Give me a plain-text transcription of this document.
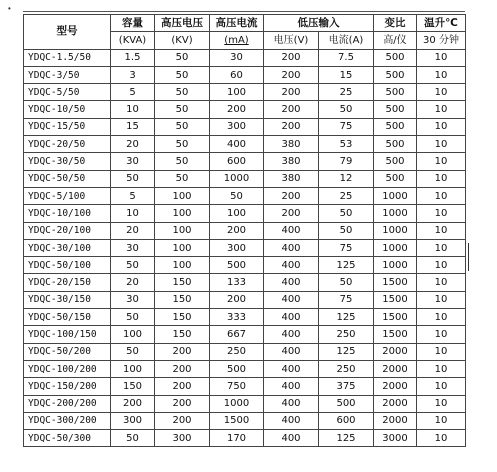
•
型号	容量	高压电压	高压电流	低压输入		变比	温升℃
	(KVA)	(KV)	(mA)	电压(V)	电流(A)	高/仪	30 分钟
YDQC-1.5/50	1.5	50	30	200	7.5	500	10
YDQC-3/50	3	50	60	200	15	500	10
YDQC-5/50	5	50	100	200	25	500	10
YDQC-10/50	10	50	200	200	50	500	10
YDQC-15/50	15	50	300	200	75	500	10
YDQC-20/50	20	50	400	380	53	500	10
YDQC-30/50	30	50	600	380	79	500	10
YDQC-50/50	50	50	1000	380	12	500	10
YDQC-5/100	5	100	50	200	25	1000	10
YDQC-10/100	10	100	100	200	50	1000	10
YDQC-20/100	20	100	200	400	50	1000	10
YDQC-30/100	30	100	300	400	75	1000	10
YDQC-50/100	50	100	500	400	125	1000	10
YDQC-20/150	20	150	133	400	50	1500	10
YDQC-30/150	30	150	200	400	75	1500	10
YDQC-50/150	50	150	333	400	125	1500	10
YDQC-100/150	100	150	667	400	250	1500	10
YDQC-50/200	50	200	250	400	125	2000	10
YDQC-100/200	100	200	500	400	250	2000	10
YDQC-150/200	150	200	750	400	375	2000	10
YDQC-200/200	200	200	1000	400	500	2000	10
YDQC-300/200	300	200	1500	400	600	2000	10
YDQC-50/300	50	300	170	400	125	3000	10
